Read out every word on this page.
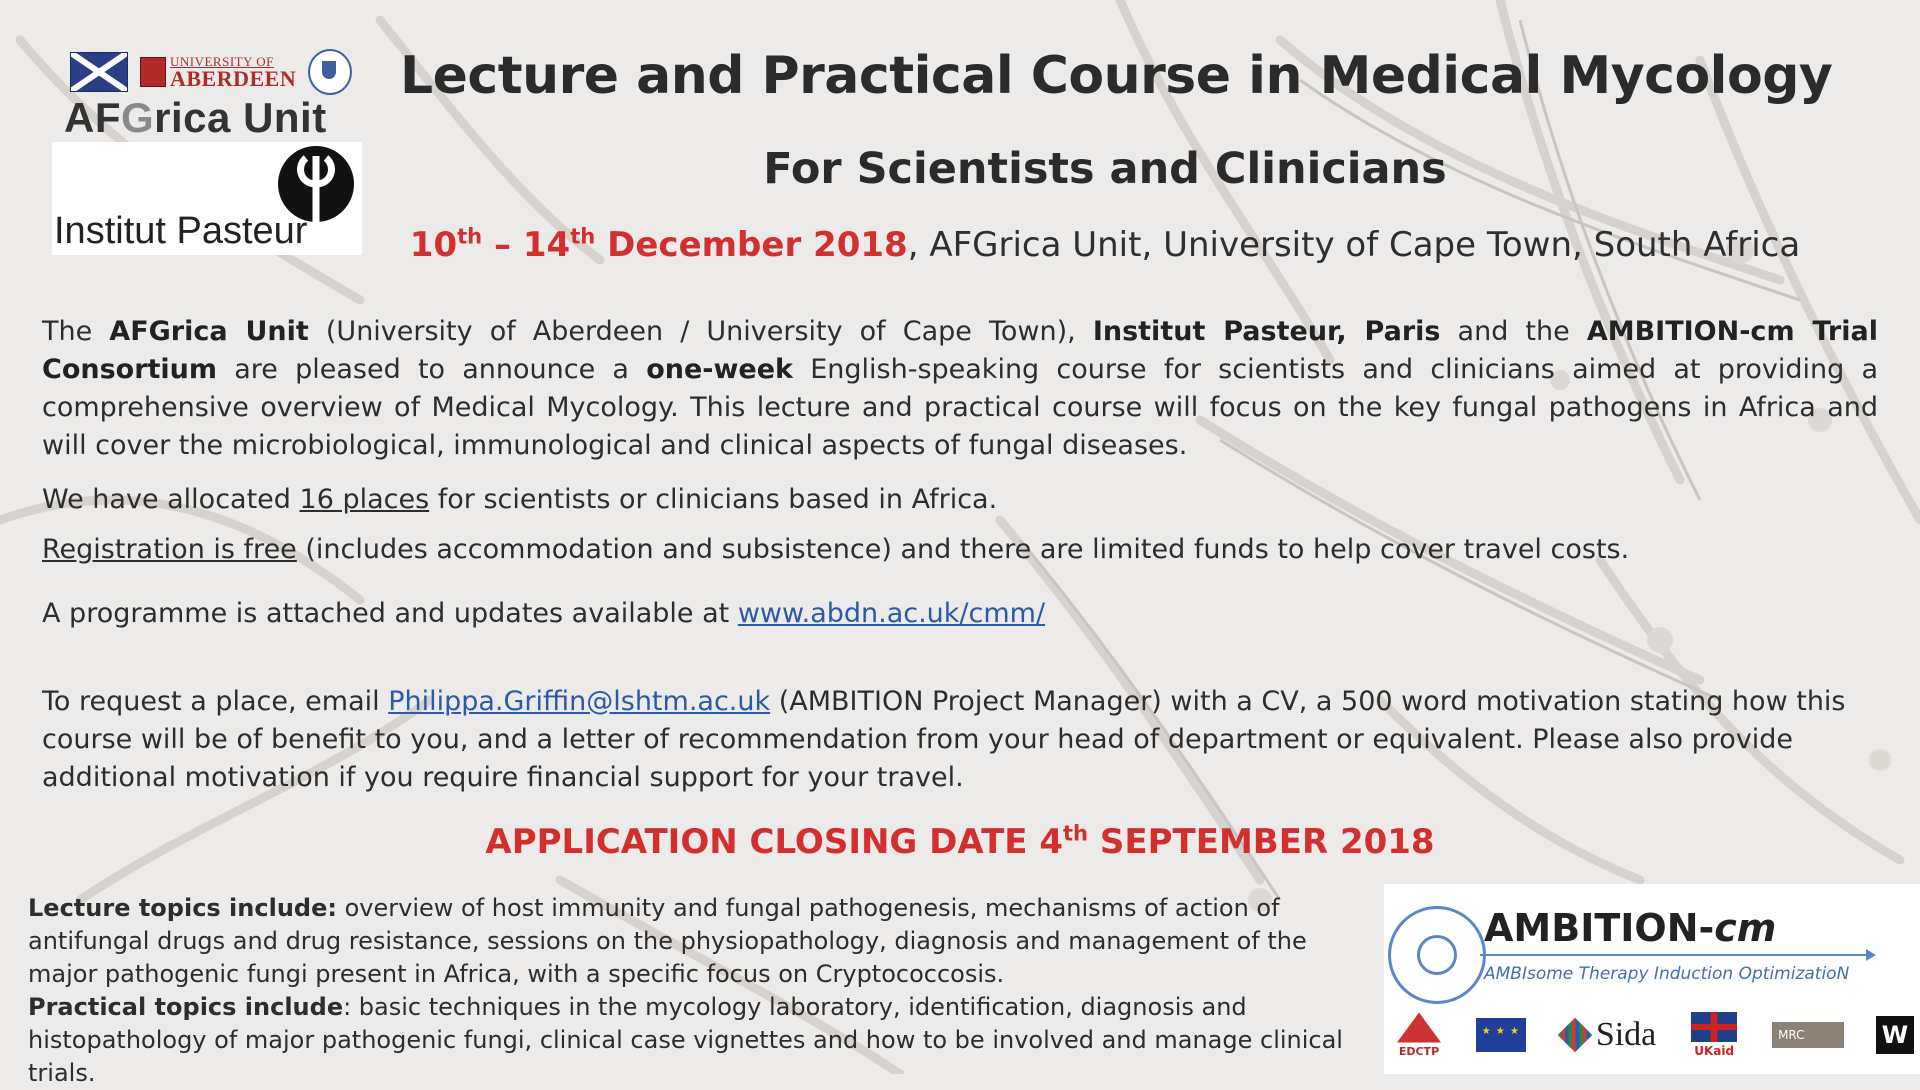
UNIVERSITY OF
ABERDEEN
AFGrica Unit
Institut Pasteur
Lecture and Practical Course in Medical Mycology
For Scientists and Clinicians
10th – 14th December 2018, AFGrica Unit, University of Cape Town, South Africa
The AFGrica Unit (University of Aberdeen / University of Cape Town), Institut Pasteur, Paris and the AMBITION-cm Trial Consortium are pleased to announce a one-week English-speaking course for scientists and clinicians aimed at providing a comprehensive overview of Medical Mycology. This lecture and practical course will focus on the key fungal pathogens in Africa and will cover the microbiological, immunological and clinical aspects of fungal diseases.
We have allocated 16 places for scientists or clinicians based in Africa.
Registration is free (includes accommodation and subsistence) and there are limited funds to help cover travel costs.
A programme is attached and updates available at www.abdn.ac.uk/cmm/
To request a place, email Philippa.Griffin@lshtm.ac.uk (AMBITION Project Manager) with a CV, a 500 word motivation stating how this course will be of benefit to you, and a letter of recommendation from your head of department or equivalent. Please also provide additional motivation if you require financial support for your travel.
APPLICATION CLOSING DATE 4th SEPTEMBER 2018
Lecture topics include: overview of host immunity and fungal pathogenesis, mechanisms of action of antifungal drugs and drug resistance, sessions on the physiopathology, diagnosis and management of the major pathogenic fungi present in Africa, with a specific focus on Cryptococcosis.
Practical topics include: basic techniques in the mycology laboratory, identification, diagnosis and histopathology of major pathogenic fungi, clinical case vignettes and how to be involved and manage clinical trials.
AMBITION-cm
AMBIsome Therapy Induction OptimizatioN
EDCTP
★ ★ ★	Sida	UKaid
MRC	W
